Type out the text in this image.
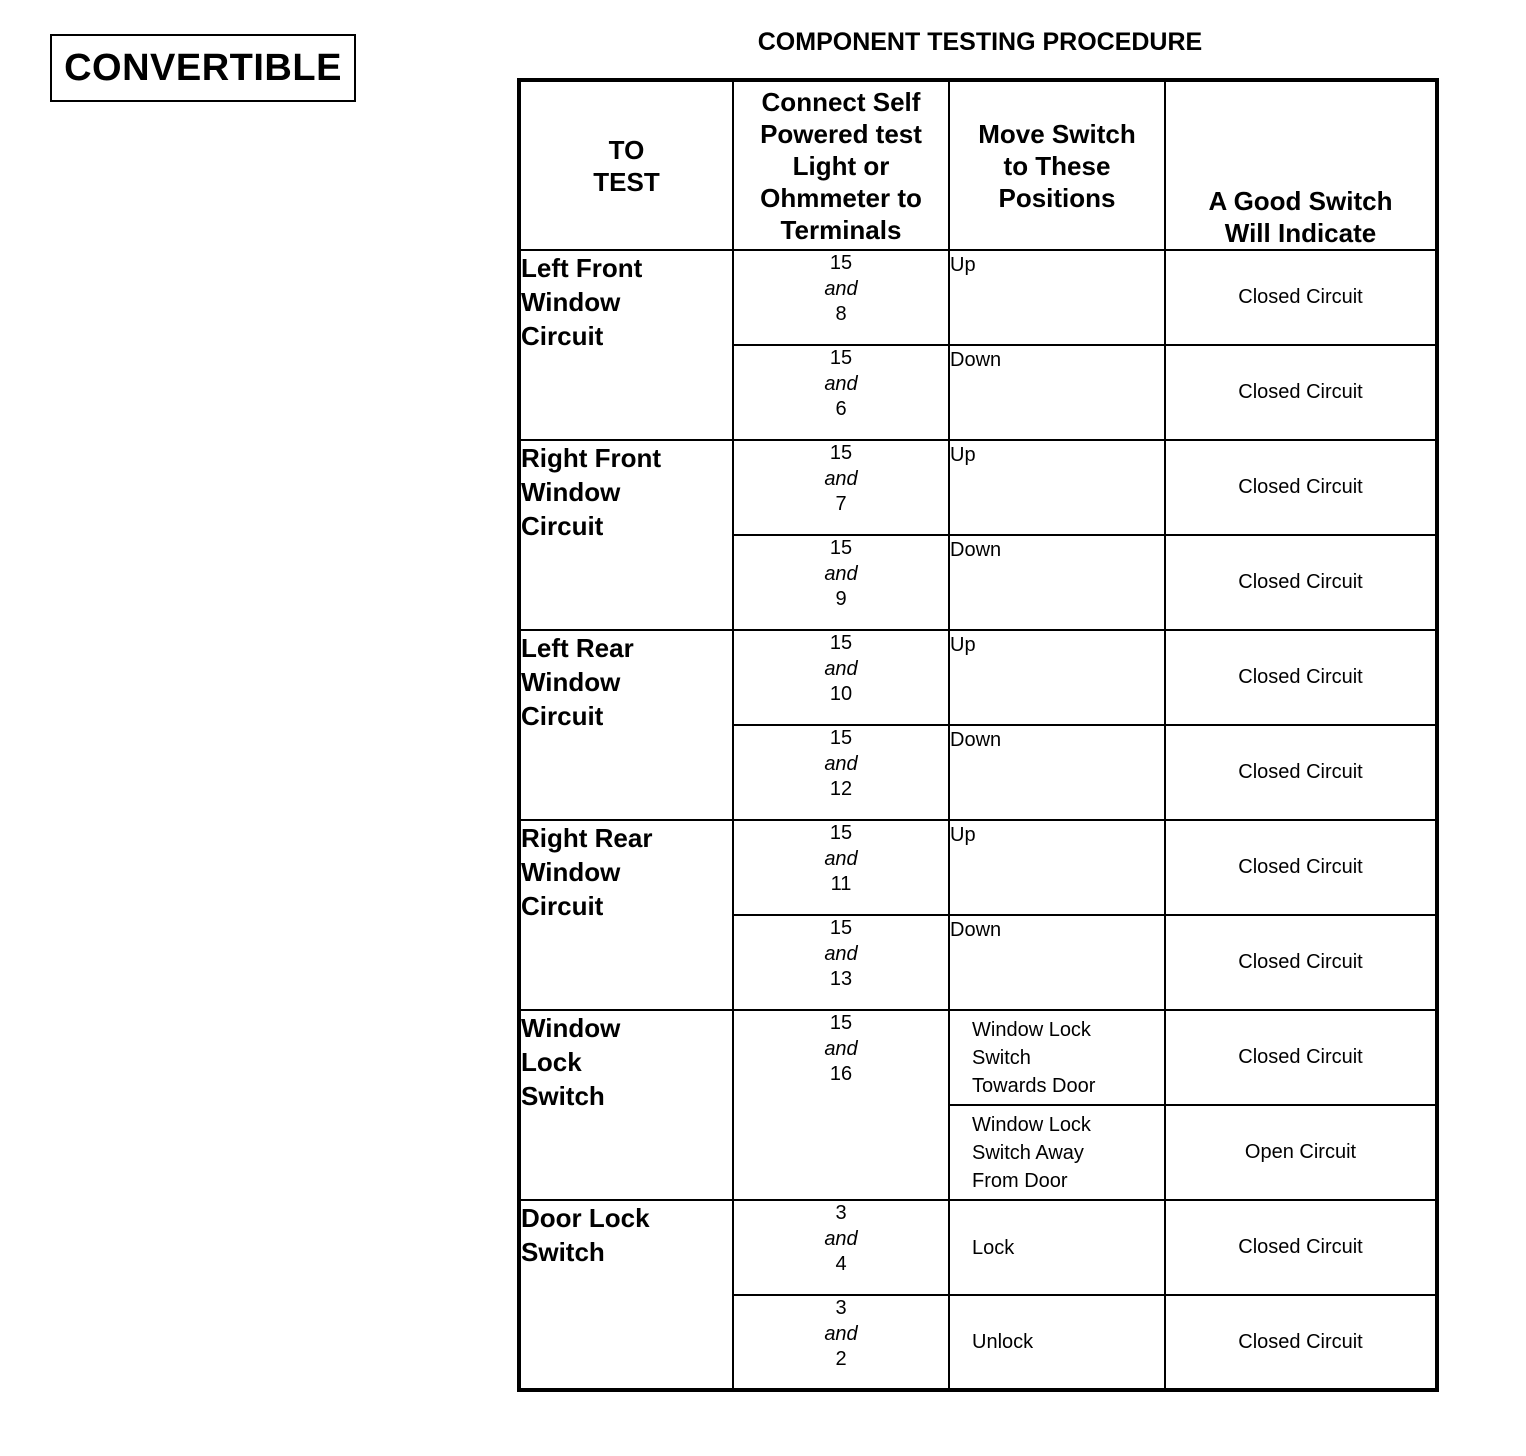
CONVERTIBLE
COMPONENT TESTING PROCEDURE
TO
TEST	Connect Self
Powered test
Light or
Ohmmeter to
Terminals	Move Switch
to These
Positions	A Good Switch
Will Indicate

Left Front
Window
Circuit	15
and
8	Up	Closed Circuit

	15
and
6	Down	Closed Circuit

Right Front
Window
Circuit	15
and
7	Up	Closed Circuit

	15
and
9	Down	Closed Circuit

Left Rear
Window
Circuit	15
and
10	Up	Closed Circuit

	15
and
12	Down	Closed Circuit

Right Rear
Window
Circuit	15
and
11	Up	Closed Circuit

	15
and
13	Down	Closed Circuit

Window
Lock
Switch	15
and
16	Window Lock
Switch
Towards Door	Closed Circuit

		Window Lock
Switch Away
From Door	Open Circuit

Door Lock
Switch	3
and
4	Lock	Closed Circuit

	3
and
2	Unlock	Closed Circuit
